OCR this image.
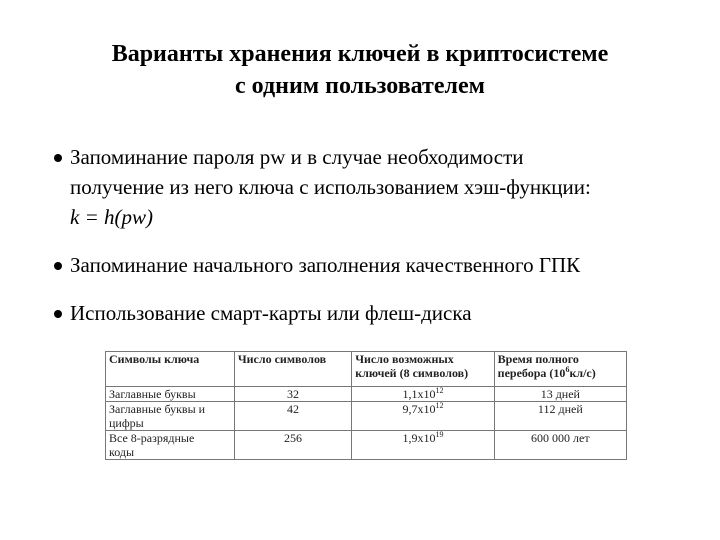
Варианты хранения ключей в криптосистеме
с одним пользователем
Запоминание пароля pw и в случае необходимости
получение из него ключа с использованием хэш-функции:
k = h(pw)
Запоминание начального заполнения качественного ГПК
Использование смарт-карты или флеш-диска
Символы ключа	Число символов	Число возможных ключей (8 символов)	Время полного перебора $(10^6кл/с)$

Заглавные буквы	32	$1,1x10^{12}$	13 дней

Заглавные буквы и
цифры	42	$9,7x10^{12}$	112 дней

Все 8-разрядные
коды	256	$1,9x10^{19}$	600 000 лет
